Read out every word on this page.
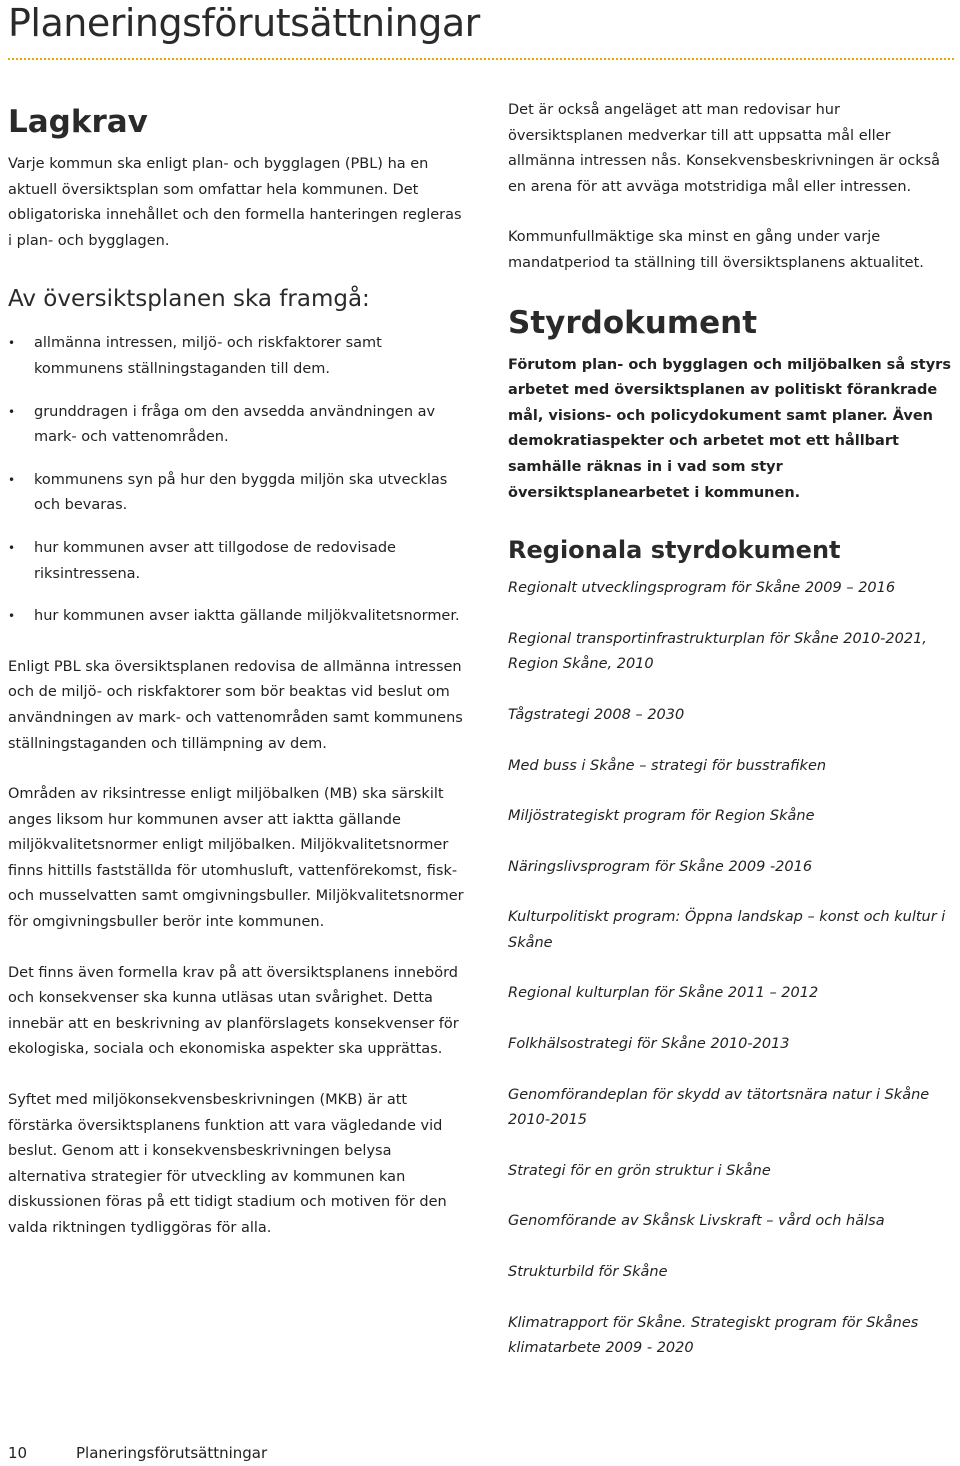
Planeringsförutsättningar
Lagkrav

Varje kommun ska enligt plan- och bygglagen (PBL) ha en aktuell översiktsplan som omfattar hela kommunen. Det obligatoriska innehållet och den formella hanteringen regleras i plan- och bygglagen.

Av översiktsplanen ska framgå:
• allmänna intressen, miljö- och riskfaktorer samt kommunens ställningstaganden till dem.
• grunddragen i fråga om den avsedda användningen av mark- och vattenområden.
• kommunens syn på hur den byggda miljön ska utvecklas och bevaras.
• hur kommunen avser att tillgodose de redovisade riksintressena.
• hur kommunen avser iaktta gällande miljökvalitetsnormer.

Enligt PBL ska översiktsplanen redovisa de allmänna intressen och de miljö- och riskfaktorer som bör beaktas vid beslut om användningen av mark- och vattenområden samt kommunens ställningstaganden och tillämpning av dem.

Områden av riksintresse enligt miljöbalken (MB) ska särskilt anges liksom hur kommunen avser att iaktta gällande miljökvalitetsnormer enligt miljöbalken. Miljökvalitetsnormer finns hittills fastställda för utomhusluft, vattenförekomst, fisk- och musselvatten samt omgivningsbuller. Miljökvalitetsnormer för omgivningsbuller berör inte kommunen.

Det finns även formella krav på att översiktsplanens innebörd och konsekvenser ska kunna utläsas utan svårighet. Detta innebär att en beskrivning av planförslagets konsekvenser för ekologiska, sociala och ekonomiska aspekter ska upprättas.

Syftet med miljökonsekvensbeskrivningen (MKB) är att förstärka översiktsplanens funktion att vara vägledande vid beslut. Genom att i konsekvensbeskrivningen belysa alternativa strategier för utveckling av kommunen kan diskussionen föras på ett tidigt stadium och motiven för den valda riktningen tydliggöras för alla.

Det är också angeläget att man redovisar hur översiktsplanen medverkar till att uppsatta mål eller allmänna intressen nås. Konsekvensbeskrivningen är också en arena för att avväga motstridiga mål eller intressen.

Kommunfullmäktige ska minst en gång under varje mandatperiod ta ställning till översiktsplanens aktualitet.

Styrdokument

Förutom plan- och bygglagen och miljöbalken så styrs arbetet med översiktsplanen av politiskt förankrade mål, visions- och policydokument samt planer. Även demokratiaspekter och arbetet mot ett hållbart samhälle räknas in i vad som styr översiktsplanearbetet i kommunen.

Regionala styrdokument
Regionalt utvecklingsprogram för Skåne 2009 – 2016
Regional transportinfrastrukturplan för Skåne 2010-2021, Region Skåne, 2010
Tågstrategi 2008 – 2030
Med buss i Skåne – strategi för busstrafiken
Miljöstrategiskt program för Region Skåne
Näringslivsprogram för Skåne 2009 -2016
Kulturpolitiskt program: Öppna landskap – konst och kultur i Skåne
Regional kulturplan för Skåne 2011 – 2012
Folkhälsostrategi för Skåne 2010-2013
Genomförandeplan för skydd av tätortsnära natur i Skåne 2010-2015
Strategi för en grön struktur i Skåne
Genomförande av Skånsk Livskraft – vård och hälsa
Strukturbild för Skåne
Klimatrapport för Skåne. Strategiskt program för Skånes klimatarbete 2009 - 2020
10	Planeringsförutsättningar
